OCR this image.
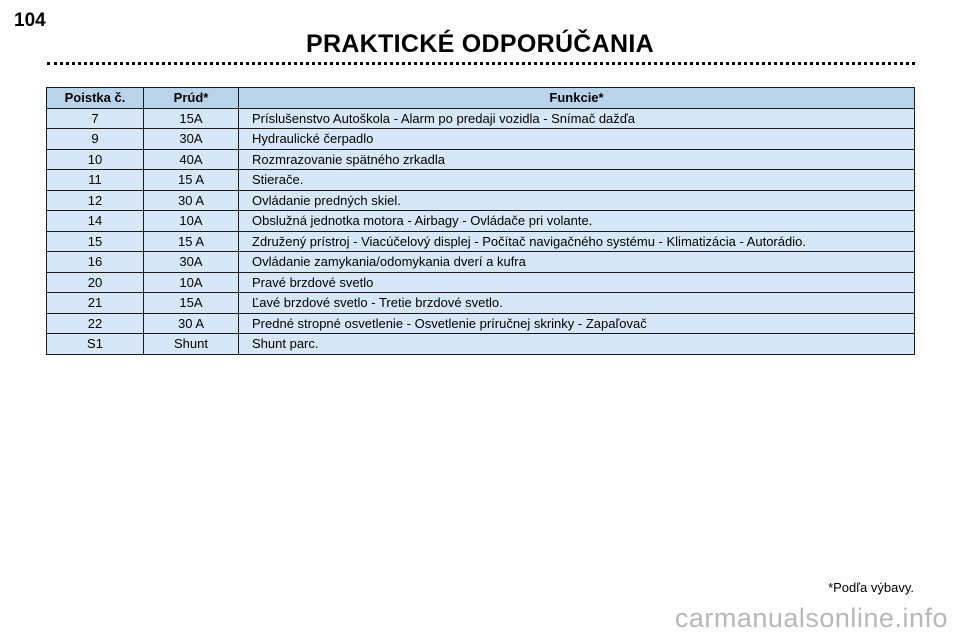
104
PRAKTICKÉ ODPORÚČANIA
Poistka č.	Prúd*	Funkcie*
7	15A	Príslušenstvo Autoškola - Alarm po predaji vozidla - Snímač dažďa
9	30A	Hydraulické čerpadlo
10	40A	Rozmrazovanie spätného zrkadla
11	15 A	Stierače.
12	30 A	Ovládanie predných skiel.
14	10A	Obslužná jednotka motora - Airbagy - Ovládače pri volante.
15	15 A	Združený prístroj - Viacúčelový displej - Počítač navigačného systému - Klimatizácia - Autorádio.
16	30A	Ovládanie zamykania/odomykania dverí a kufra
20	10A	Pravé brzdové svetlo
21	15A	Ľavé brzdové svetlo - Tretie brzdové svetlo.
22	30 A	Predné stropné osvetlenie - Osvetlenie príručnej skrinky - Zapaľovač
S1	Shunt	Shunt parc.
*Podľa výbavy.
carmanualsonline.info
